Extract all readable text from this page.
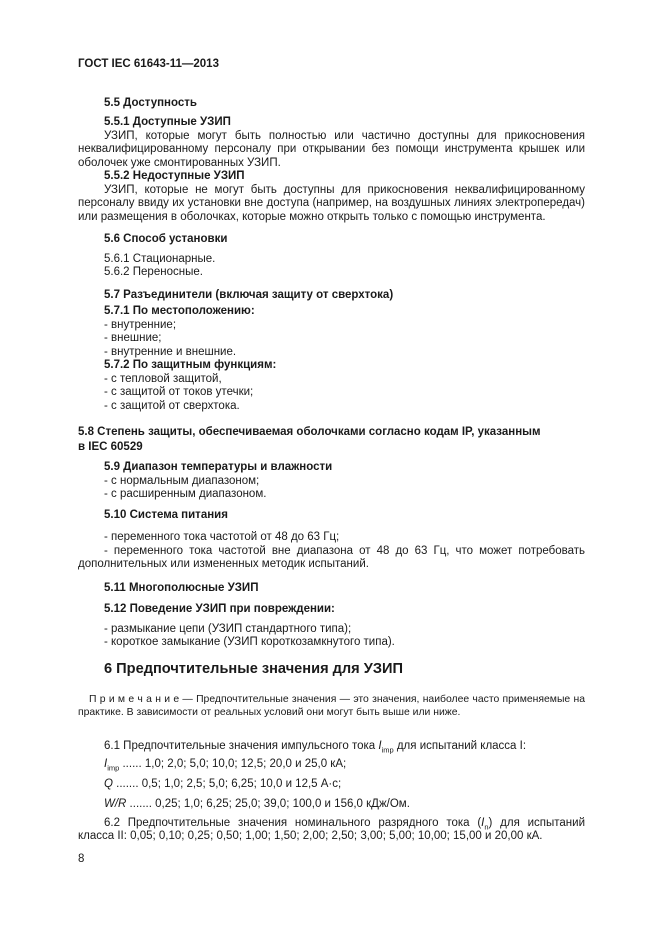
ГОСТ IEC 61643-11—2013

5.5 Доступность

5.5.1 Доступные УЗИП

УЗИП, которые могут быть полностью или частично доступны для прикосновения неквалифицированному персоналу при открывании без помощи инструмента крышек или оболочек уже смонтированных УЗИП.

5.5.2 Недоступные УЗИП

УЗИП, которые не могут быть доступны для прикосновения неквалифицированному персоналу ввиду их установки вне доступа (например, на воздушных линиях электропередач) или размещения в оболочках, которые можно открыть только с помощью инструмента.

5.6 Способ установки

5.6.1 Стационарные.

5.6.2 Переносные.

5.7 Разъединители (включая защиту от сверхтока)

5.7.1 По местоположению:

- внутренние;

- внешние;

- внутренние и внешние.

5.7.2 По защитным функциям:

- с тепловой защитой,

- с защитой от токов утечки;

- с защитой от сверхтока.

5.8 Степень защиты, обеспечиваемая оболочками согласно кодам IP, указанным
в IEC 60529

5.9 Диапазон температуры и влажности

- с нормальным диапазоном;

- с расширенным диапазоном.

5.10 Система питания

- переменного тока частотой от 48 до 63 Гц;

- переменного тока частотой вне диапазона от 48 до 63 Гц, что может потребовать дополнительных или измененных методик испытаний.

5.11 Многополюсные УЗИП

5.12 Поведение УЗИП при повреждении:

- размыкание цепи (УЗИП стандартного типа);

- короткое замыкание (УЗИП короткозамкнутого типа).

6 Предпочтительные значения для УЗИП

П р и м е ч а н и е — Предпочтительные значения — это значения, наиболее часто применяемые на практике. В зависимости от реальных условий они могут быть выше или ниже.

6.1 Предпочтительные значения импульсного тока $I_{imp}$ для испытаний класса I:

$I_{imp}$ ...... 1,0; 2,0; 5,0; 10,0; 12,5; 20,0 и 25,0 кА;

Q ....... 0,5; 1,0; 2,5; 5,0; 6,25; 10,0 и 12,5 А·с;

W/R ....... 0,25; 1,0; 6,25; 25,0; 39,0; 100,0 и 156,0 кДж/Ом.

6.2 Предпочтительные значения номинального разрядного тока $(I_n)$ для испытаний класса II: 0,05; 0,10; 0,25; 0,50; 1,00; 1,50; 2,00; 2,50; 3,00; 5,00; 10,00; 15,00 и 20,00 кА.

8
